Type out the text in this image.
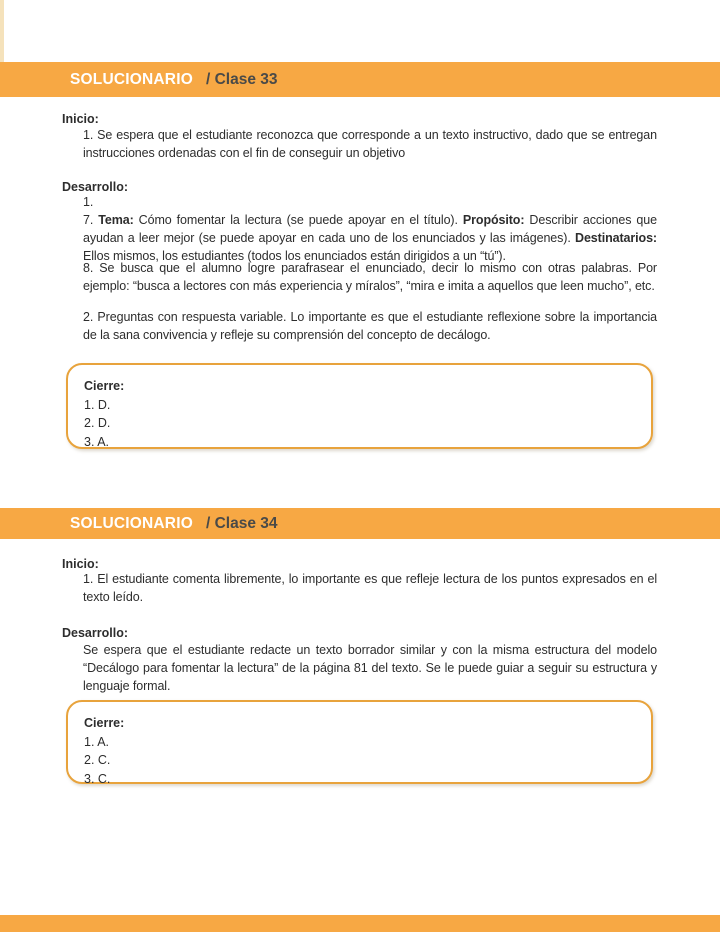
SOLUCIONARIO / Clase 33
Inicio:

1. Se espera que el estudiante reconozca que corresponde a un texto instructivo, dado que se entregan instrucciones ordenadas con el fin de conseguir un objetivo

Desarrollo:

1.

7. Tema: Cómo fomentar la lectura (se puede apoyar en el título). Propósito: Describir acciones que ayudan a leer mejor (se puede apoyar en cada uno de los enunciados y las imágenes). Destinatarios: Ellos mismos, los estudiantes (todos los enunciados están dirigidos a un “tú”).

8. Se busca que el alumno logre parafrasear el enunciado, decir lo mismo con otras palabras. Por ejemplo: “busca a lectores con más experiencia y míralos”, “mira e imita a aquellos que leen mucho”, etc.

2. Preguntas con respuesta variable. Lo importante es que el estudiante reflexione sobre la importancia de la sana convivencia y refleje su comprensión del concepto de decálogo.

Cierre:
1. D.
2. D.
3. A.
SOLUCIONARIO / Clase 34
Inicio:

1. El estudiante comenta libremente, lo importante es que refleje lectura de los puntos expresados en el texto leído.

Desarrollo:

Se espera que el estudiante redacte un texto borrador similar y con la misma estructura del modelo “Decálogo para fomentar la lectura” de la página 81 del texto. Se le puede guiar a seguir su estructura y lenguaje formal.

Cierre:
1. A.
2. C.
3. C.
